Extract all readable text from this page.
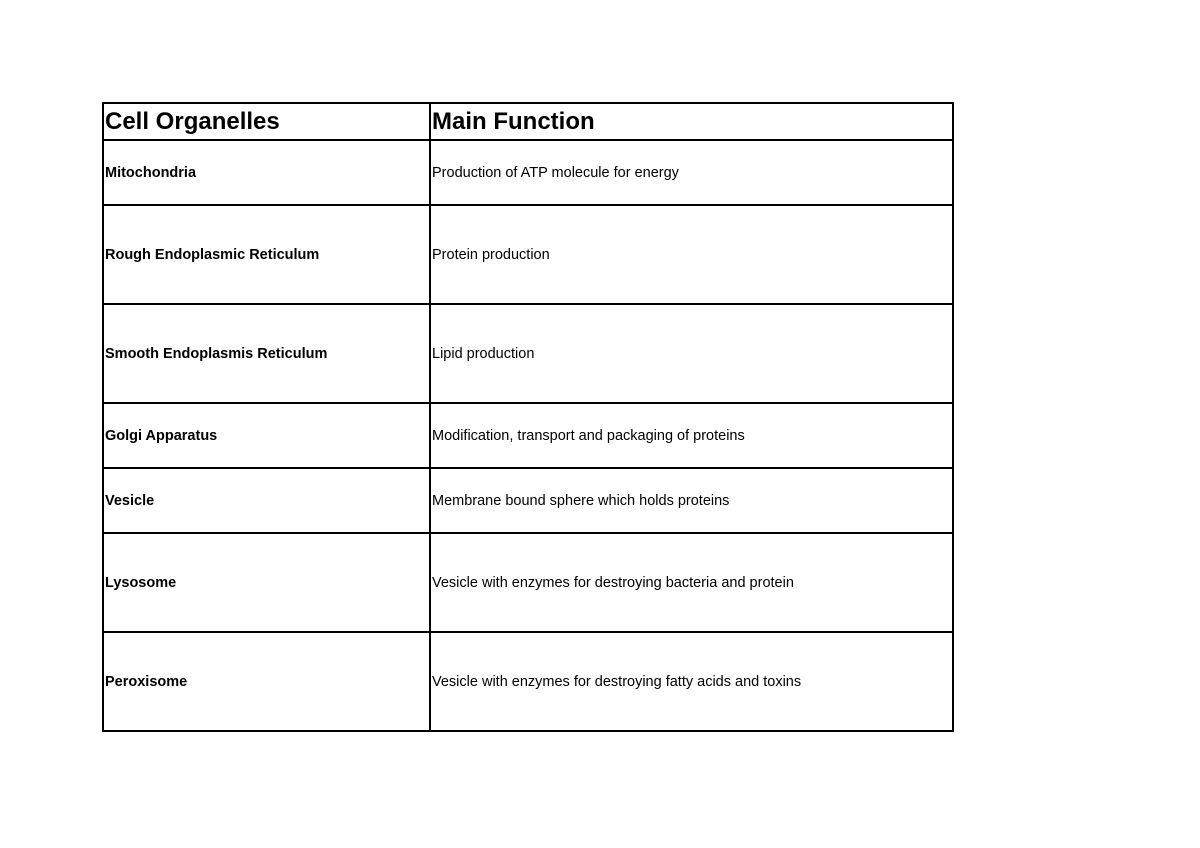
Cell Organelles	Main Function
Mitochondria	Production of ATP molecule for energy
Rough Endoplasmic Reticulum	Protein production
Smooth Endoplasmis Reticulum	Lipid production
Golgi Apparatus	Modification, transport and packaging of proteins
Vesicle	Membrane bound sphere which holds proteins
Lysosome	Vesicle with enzymes for destroying bacteria and protein
Peroxisome	Vesicle with enzymes for destroying fatty acids and toxins
